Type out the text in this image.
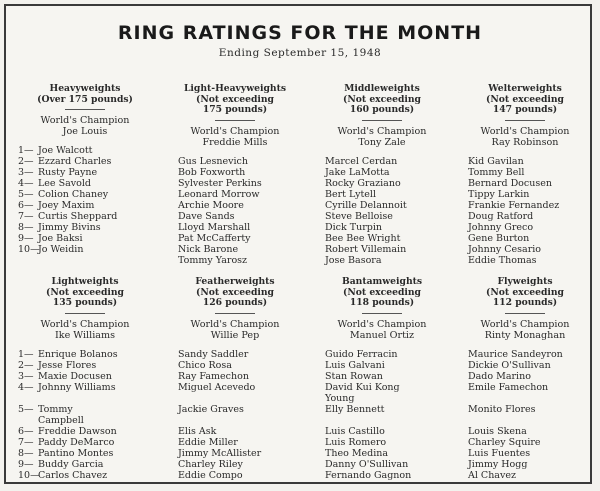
RING RATINGS FOR THE MONTH
Ending September 15, 1948
Heavyweights
(Over 175 pounds)
World's Champion
Joe Louis
1— Joe Walcott
2— Ezzard Charles
3— Rusty Payne
4— Lee Savold
5— Colion Chaney
6— Joey Maxim
7— Curtis Sheppard
8— Jimmy Bivins
9— Joe Baksi
10—Jo Weidin
Light-Heavyweights
(Not exceeding
175 pounds)
World's Champion
Freddie Mills
Gus Lesnevich
Bob Foxworth
Sylvester Perkins
Leonard Morrow
Archie Moore
Dave Sands
Lloyd Marshall
Pat McCafferty
Nick Barone
Tommy Yarosz
Middleweights
(Not exceeding
160 pounds)
World's Champion
Tony Zale
Marcel Cerdan
Jake LaMotta
Rocky Graziano
Bert Lytell
Cyrille Delannoit
Steve Belloise
Dick Turpin
Bee Bee Wright
Robert Villemain
Jose Basora
Welterweights
(Not exceeding
147 pounds)
World's Champion
Ray Robinson
Kid Gavilan
Tommy Bell
Bernard Docusen
Tippy Larkin
Frankie Fernandez
Doug Ratford
Johnny Greco
Gene Burton
Johnny Cesario
Eddie Thomas
Lightweights
(Not exceeding
135 pounds)
World's Champion
Ike Williams
1— Enrique Bolanos
2— Jesse Flores
3— Maxie Docusen
4— Johnny Williams
5— Tommy
Campbell
6— Freddie Dawson
7— Paddy DeMarco
8— Pantino Montes
9— Buddy Garcia
10—Carlos Chavez
Featherweights
(Not exceeding
126 pounds)
World's Champion
Willie Pep
Sandy Saddler
Chico Rosa
Ray Famechon
Miguel Acevedo
Jackie Graves
Elis Ask
Eddie Miller
Jimmy McAllister
Charley Riley
Eddie Compo
Bantamweights
(Not exceeding
118 pounds)
World's Champion
Manuel Ortiz
Guido Ferracin
Luis Galvani
Stan Rowan
David Kui Kong
Young
Elly Bennett
Luis Castillo
Luis Romero
Theo Medina
Danny O'Sullivan
Fernando Gagnon
Flyweights
(Not exceeding
112 pounds)
World's Champion
Rinty Monaghan
Maurice Sandeyron
Dickie O'Sullivan
Dado Marino
Emile Famechon
Monito Flores
Louis Skena
Charley Squire
Luis Fuentes
Jimmy Hogg
Al Chavez
